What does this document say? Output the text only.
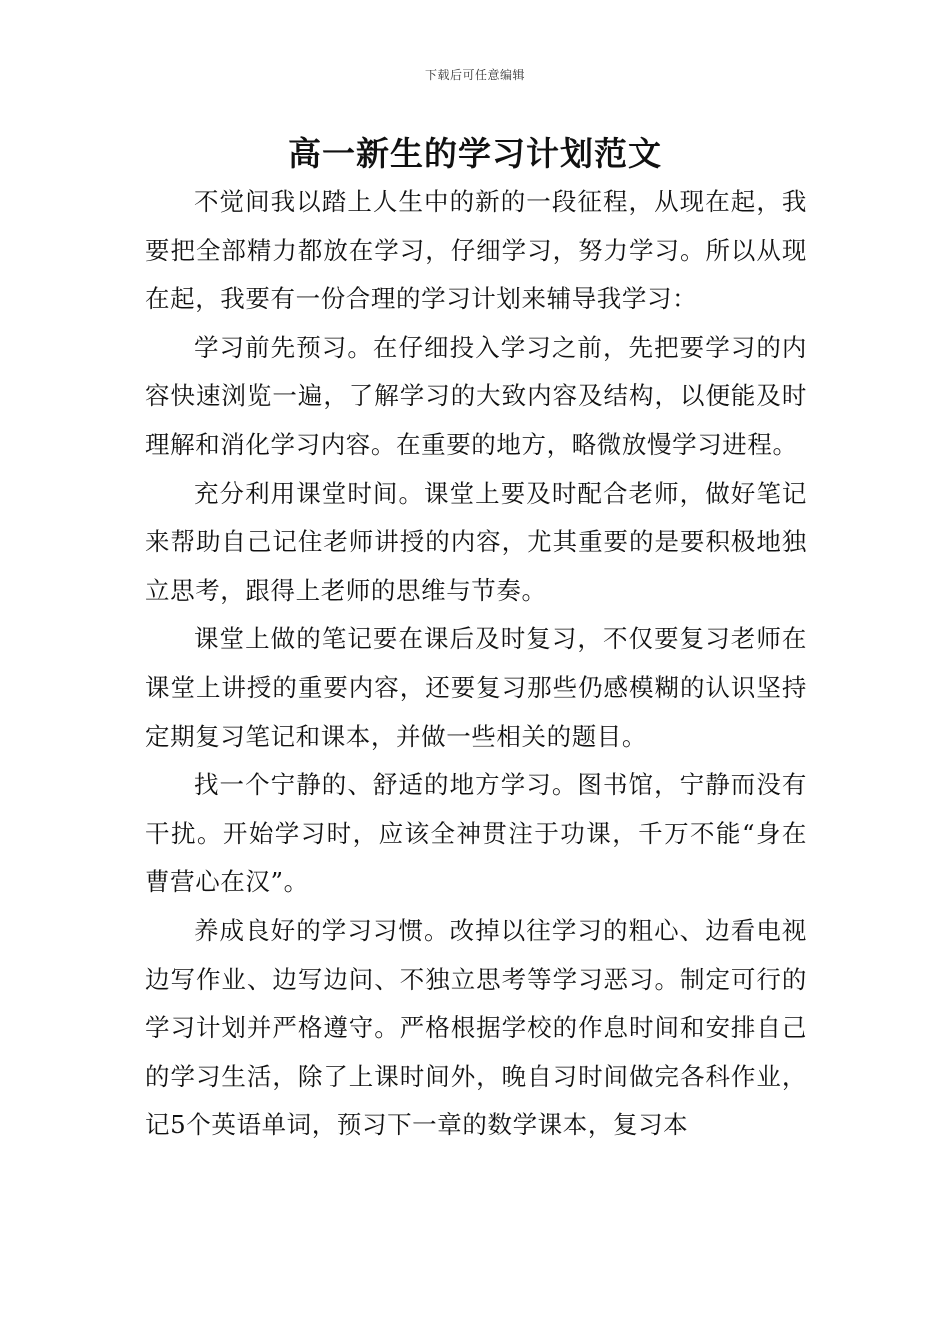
下载后可任意编辑
高一新生的学习计划范文

不觉间我以踏上人生中的新的一段征程，从现在起，我要把全部精力都放在学习，仔细学习，努力学习。所以从现在起，我要有一份合理的学习计划来辅导我学习：

学习前先预习。在仔细投入学习之前，先把要学习的内容快速浏览一遍，了解学习的大致内容及结构，以便能及时理解和消化学习内容。在重要的地方，略微放慢学习进程。

充分利用课堂时间。课堂上要及时配合老师，做好笔记来帮助自己记住老师讲授的内容，尤其重要的是要积极地独立思考，跟得上老师的思维与节奏。

课堂上做的笔记要在课后及时复习，不仅要复习老师在课堂上讲授的重要内容，还要复习那些仍感模糊的认识坚持定期复习笔记和课本，并做一些相关的题目。

找一个宁静的、舒适的地方学习。图书馆，宁静而没有干扰。开始学习时，应该全神贯注于功课，千万不能“身在曹营心在汉”。

养成良好的学习习惯。改掉以往学习的粗心、边看电视边写作业、边写边问、不独立思考等学习恶习。制定可行的学习计划并严格遵守。严格根据学校的作息时间和安排自己的学习生活，除了上课时间外，晚自习时间做完各科作业，记5个英语单词，预习下一章的数学课本，复习本
